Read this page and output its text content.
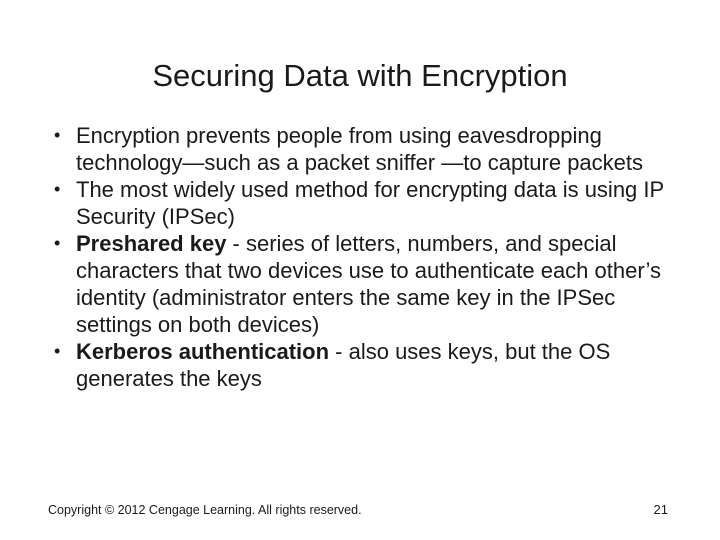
Securing Data with Encryption
• Encryption prevents people from using eavesdropping technology—such as a packet sniffer —to capture packets
• The most widely used method for encrypting data is using IP Security (IPSec)
• Preshared key - series of letters, numbers, and special characters that two devices use to authenticate each other’s identity (administrator enters the same key in the IPSec settings on both devices)
• Kerberos authentication - also uses keys, but the OS generates the keys
Copyright © 2012 Cengage Learning. All rights reserved.	21
